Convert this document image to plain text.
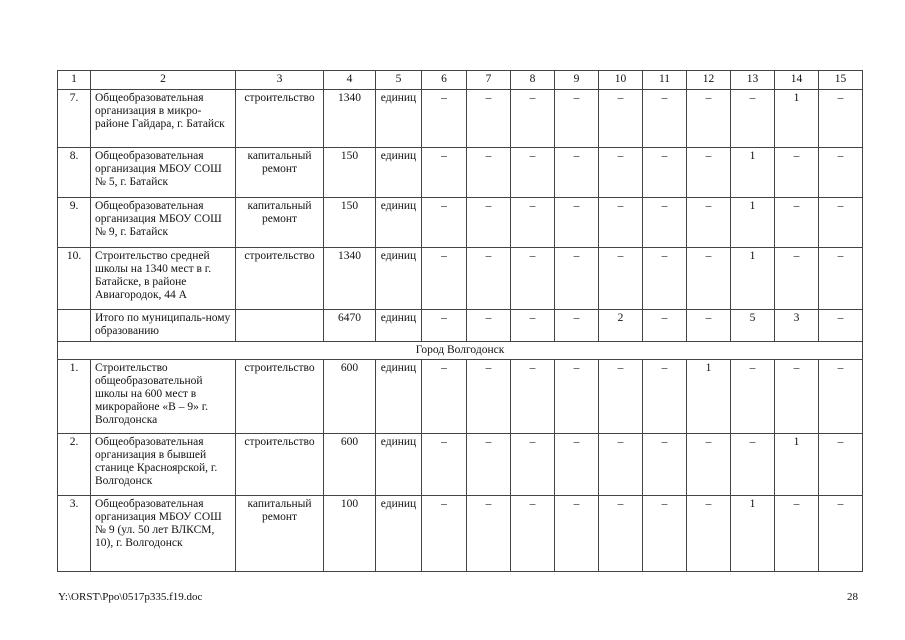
1	2	3	4	5	6	7	8	9	10	11	12	13	14	15
7.	Общеобразовательная организация в микро-районе Гайдара, г. Батайск	строительство	1340	единиц	–	–	–	–	–	–	–	–	1	–
8.	Общеобразовательная организация МБОУ СОШ № 5, г. Батайск	капитальный ремонт	150	единиц	–	–	–	–	–	–	–	1	–	–
9.	Общеобразовательная организация МБОУ СОШ № 9, г. Батайск	капитальный ремонт	150	единиц	–	–	–	–	–	–	–	1	–	–
10.	Строительство средней школы на 1340 мест в г. Батайске, в районе Авиагородок, 44 А	строительство	1340	единиц	–	–	–	–	–	–	–	1	–	–
	Итого по муниципаль-ному образованию		6470	единиц	–	–	–	–	2	–	–	5	3	–
Город Волгодонск														
1.	Строительство общеобразовательной школы на 600 мест в микрорайоне «В – 9» г. Волгодонска	строительство	600	единиц	–	–	–	–	–	–	1	–	–	–
2.	Общеобразовательная организация в бывшей станице Красноярской, г. Волгодонск	строительство	600	единиц	–	–	–	–	–	–	–	–	1	–
3.	Общеобразовательная организация МБОУ СОШ № 9 (ул. 50 лет ВЛКСМ, 10), г. Волгодонск	капитальный ремонт	100	единиц	–	–	–	–	–	–	–	1	–	–
Y:\ORST\Ppo\0517p335.f19.doc	28
